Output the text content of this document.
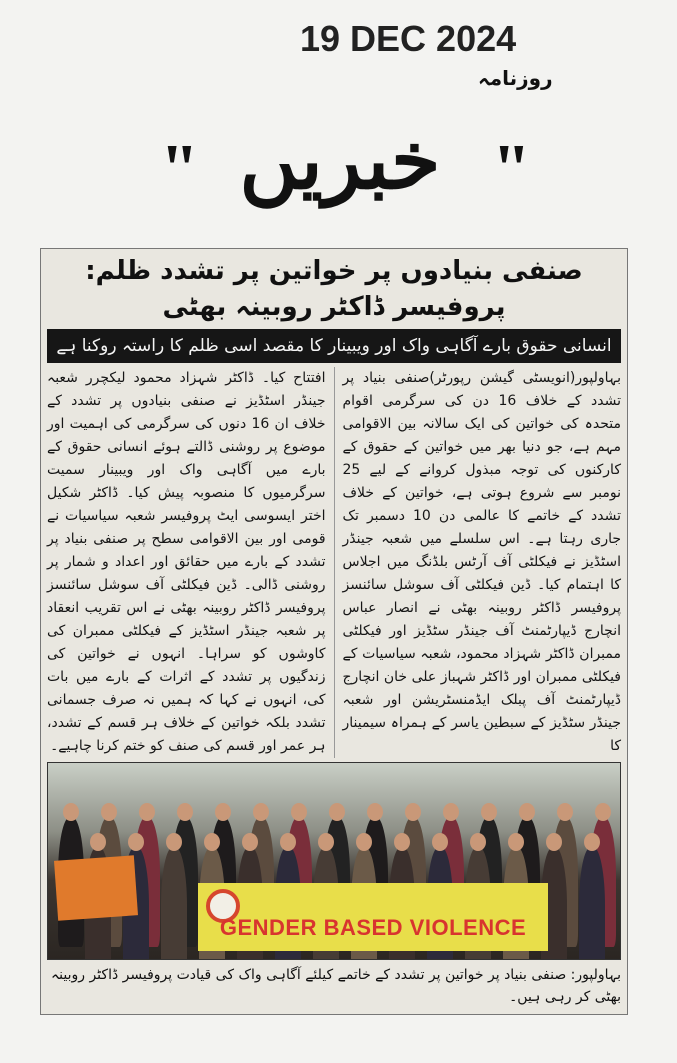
19 DEC 2024
روزنامہ
" خبریں "
صنفی بنیادوں پر خواتین پر تشدد ظلم: پروفیسر ڈاکٹر روبینہ بھٹی
انسانی حقوق بارے آگاہی واک اور ویبینار کا مقصد اسی ظلم کا راستہ روکنا ہے
بہاولپور(انویسٹی گیشن رپورٹر)صنفی بنیاد پرتشدد کے خلاف 16 دن کی سرگرمی اقوام متحدہ کیخواتین کی ایک سالانہ بین الاقوامی مہم ہے، جو دنیا بھرمیں خواتین کے حقوق کے کارکنوں کی توجہ مبذولکروانے کے لیے 25 نومبر سے شروع ہوتی ہے،خواتین کے خلاف تشدد کے خاتمے کا عالمی دن 10دسمبر تک جاری رہتا ہے۔ اس سلسلے میں شعبہ جینڈراسٹڈیز نے فیکلٹی آف آرٹس بلڈنگ میں اجلاس کااہتمام کیا۔ ڈین فیکلٹی آف سوشل سائنسز پروفیسرڈاکٹر روبینہ بھٹی نے انصار عباس انچارج ڈیپارٹمنٹآف جینڈر سٹڈیز اور فیکلٹی ممبران ڈاکٹر شہزاد محمود،شعبہ سیاسیات کے فیکلٹی ممبران اور ڈاکٹر شہباز علیخان انچارج ڈیپارٹمنٹ آف پبلک ایڈمنسٹریشن اورشعبہ جینڈر سٹڈیز کے سبطین یاسر کے ہمراہ سیمینار کا
افتتاح کیا۔ ڈاکٹر شہزاد محمود لیکچرر شعبہ جینڈر اسٹڈیزنے صنفی بنیادوں پر تشدد کے خلاف ان 16 دنوں کیسرگرمی کی اہمیت اور موضوع پر روشنی ڈالتے ہوئےانسانی حقوق کے بارے میں آگاہی واک اور ویبینارسمیت سرگرمیوں کا منصوبہ پیش کیا۔ ڈاکٹر شکیل اخترایسوسی ایٹ پروفیسر شعبہ سیاسیات نے قومی اور بینالاقوامی سطح پر صنفی بنیاد پر تشدد کے بارے میں حقائقاور اعداد و شمار پر روشنی ڈالی۔ ڈین فیکلٹی آف سوشلسائنسز پروفیسر ڈاکٹر روبینہ بھٹی نے اس تقریب انعقادپر شعبہ جینڈر اسٹڈیز کے فیکلٹی ممبران کی کاوشوں کوسراہا۔ انہوں نے خواتین کی زندگیوں پر تشدد کےاثرات کے بارے میں بات کی، انہوں نے کہا کہہمیں نہ صرف جسمانی تشدد بلکہ خواتین کے خلاف ہرقسم کے تشدد، ہر عمر اور قسم کی صنف کو ختم کرنا چاہیے۔
GENDER BASED VIOLENCE
بہاولپور: صنفی بنیاد پر خواتین پر تشدد کے خاتمے کیلئے آگاہی واک کی قیادت پروفیسر ڈاکٹر روبینہ بھٹی کر رہی ہیں۔
